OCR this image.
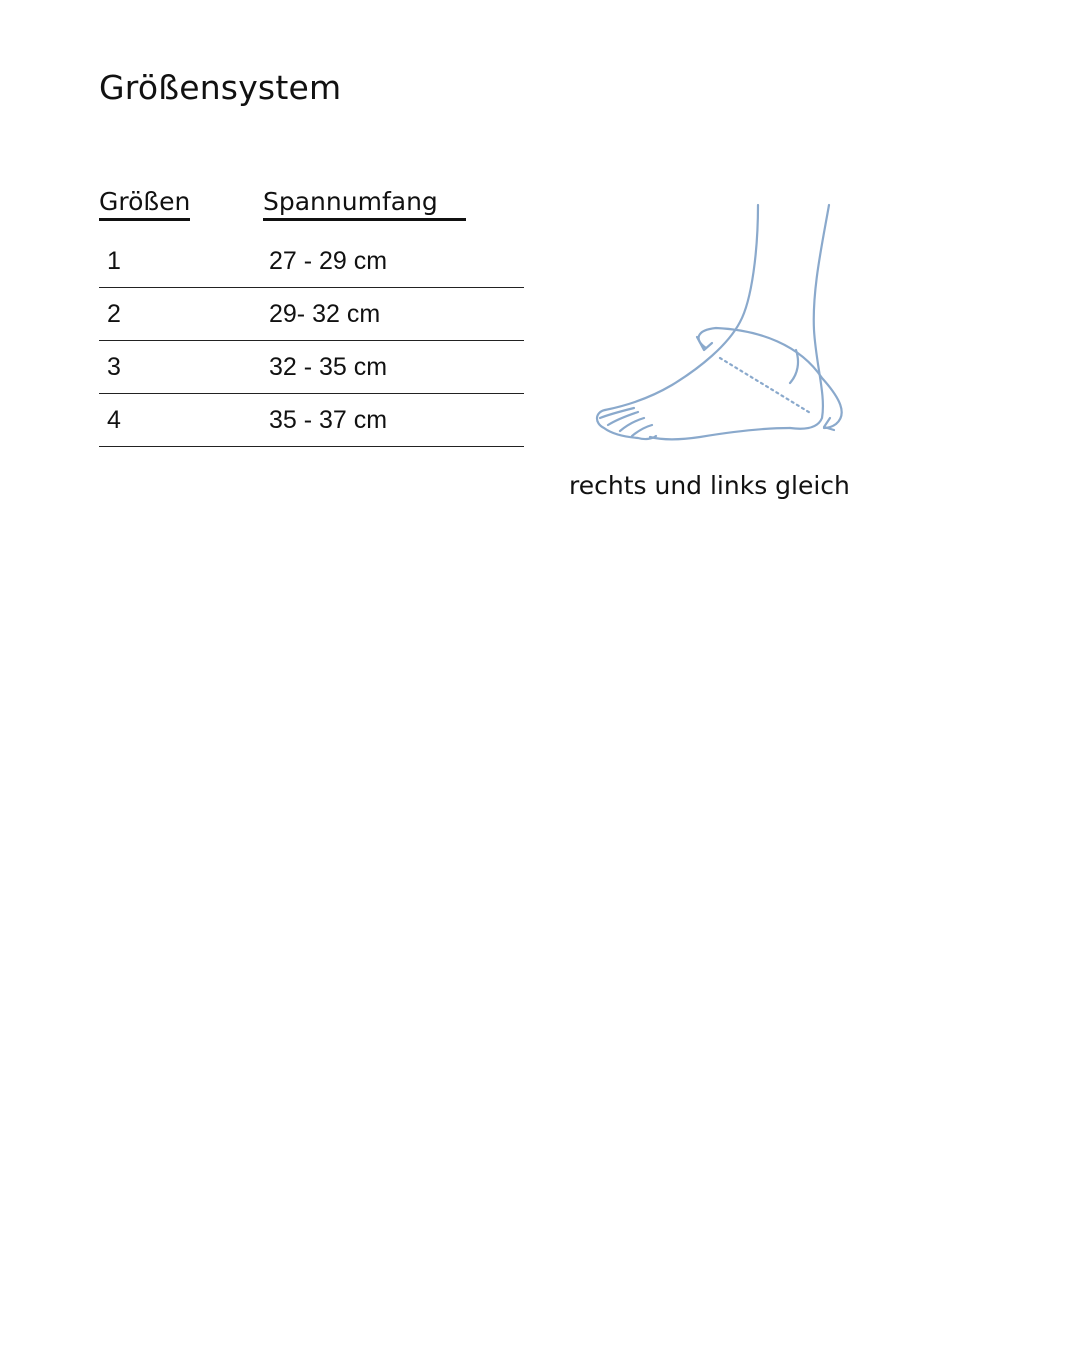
Größensystem
Größen	Spannumfang
1	27 - 29 cm
2	29- 32 cm
3	32 - 35 cm
4	35 - 37 cm
rechts und links gleich
